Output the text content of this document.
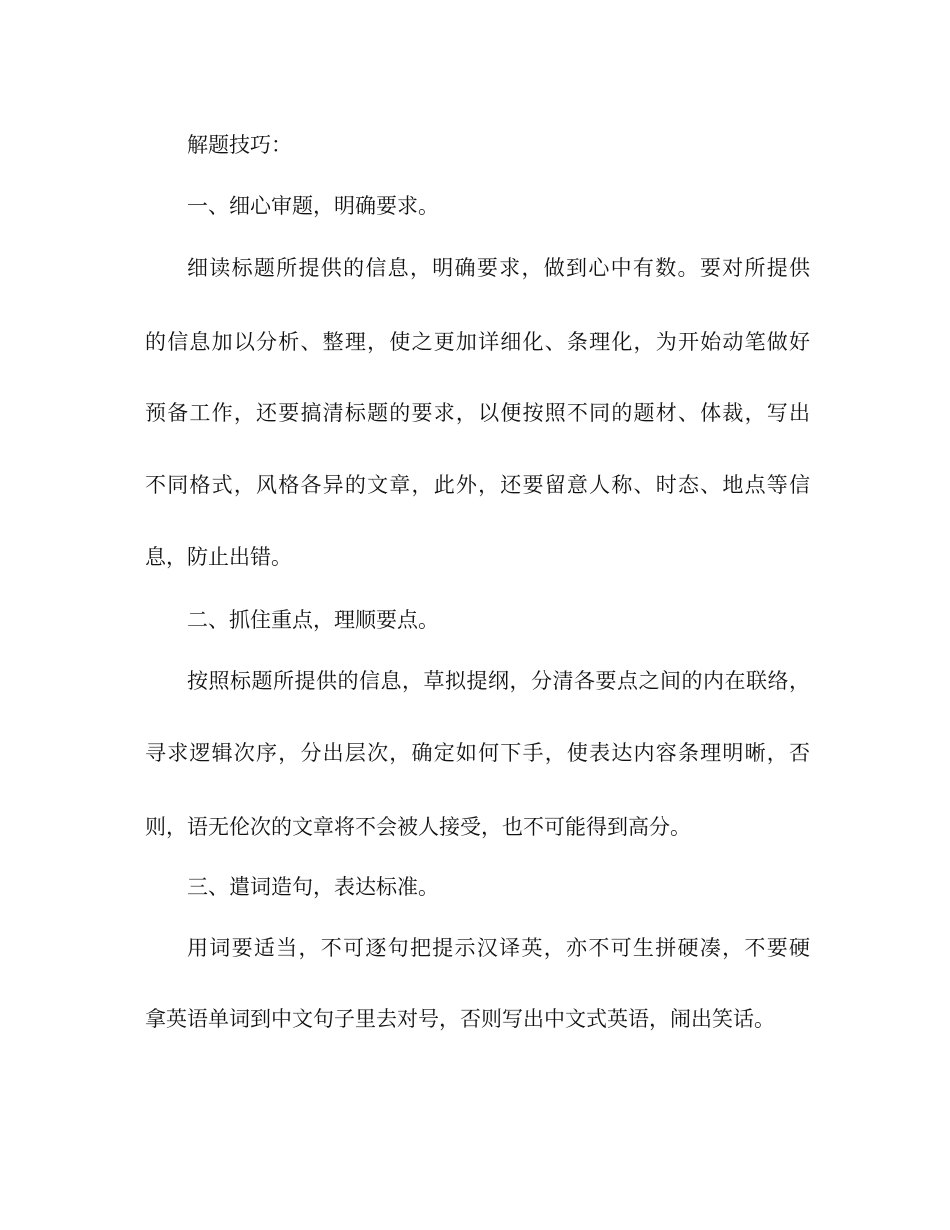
解题技巧：

一、细心审题，明确要求。

细读标题所提供的信息，明确要求，做到心中有数。要对所提供

的信息加以分析、整理，使之更加详细化、条理化，为开始动笔做好

预备工作，还要搞清标题的要求，以便按照不同的题材、体裁，写出

不同格式，风格各异的文章，此外，还要留意人称、时态、地点等信

息，防止出错。

二、抓住重点，理顺要点。

按照标题所提供的信息，草拟提纲，分清各要点之间的内在联络，

寻求逻辑次序，分出层次，确定如何下手，使表达内容条理明晰，否

则，语无伦次的文章将不会被人接受，也不可能得到高分。

三、遣词造句，表达标准。

用词要适当，不可逐句把提示汉译英，亦不可生拼硬凑，不要硬

拿英语单词到中文句子里去对号，否则写出中文式英语，闹出笑话。
